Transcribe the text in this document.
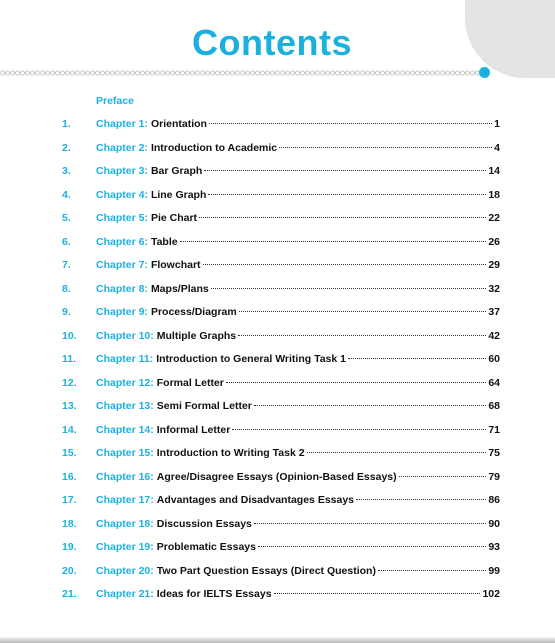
Contents
Preface
1. Chapter 1: Orientation	1
2. Chapter 2: Introduction to Academic	4
3. Chapter 3: Bar Graph	14
4. Chapter 4: Line Graph	18
5. Chapter 5: Pie Chart	22
6. Chapter 6: Table	26
7. Chapter 7: Flowchart	29
8. Chapter 8: Maps/Plans	32
9. Chapter 9: Process/Diagram	37
10. Chapter 10: Multiple Graphs	42
11. Chapter 11: Introduction to General Writing Task 1	60
12. Chapter 12: Formal Letter	64
13. Chapter 13: Semi Formal Letter	68
14. Chapter 14: Informal Letter	71
15. Chapter 15: Introduction to Writing Task 2	75
16. Chapter 16: Agree/Disagree Essays (Opinion-Based Essays)	79
17. Chapter 17: Advantages and Disadvantages Essays	86
18. Chapter 18: Discussion Essays	90
19. Chapter 19: Problematic Essays	93
20. Chapter 20: Two Part Question Essays (Direct Question)	99
21. Chapter 21: Ideas for IELTS Essays	102
